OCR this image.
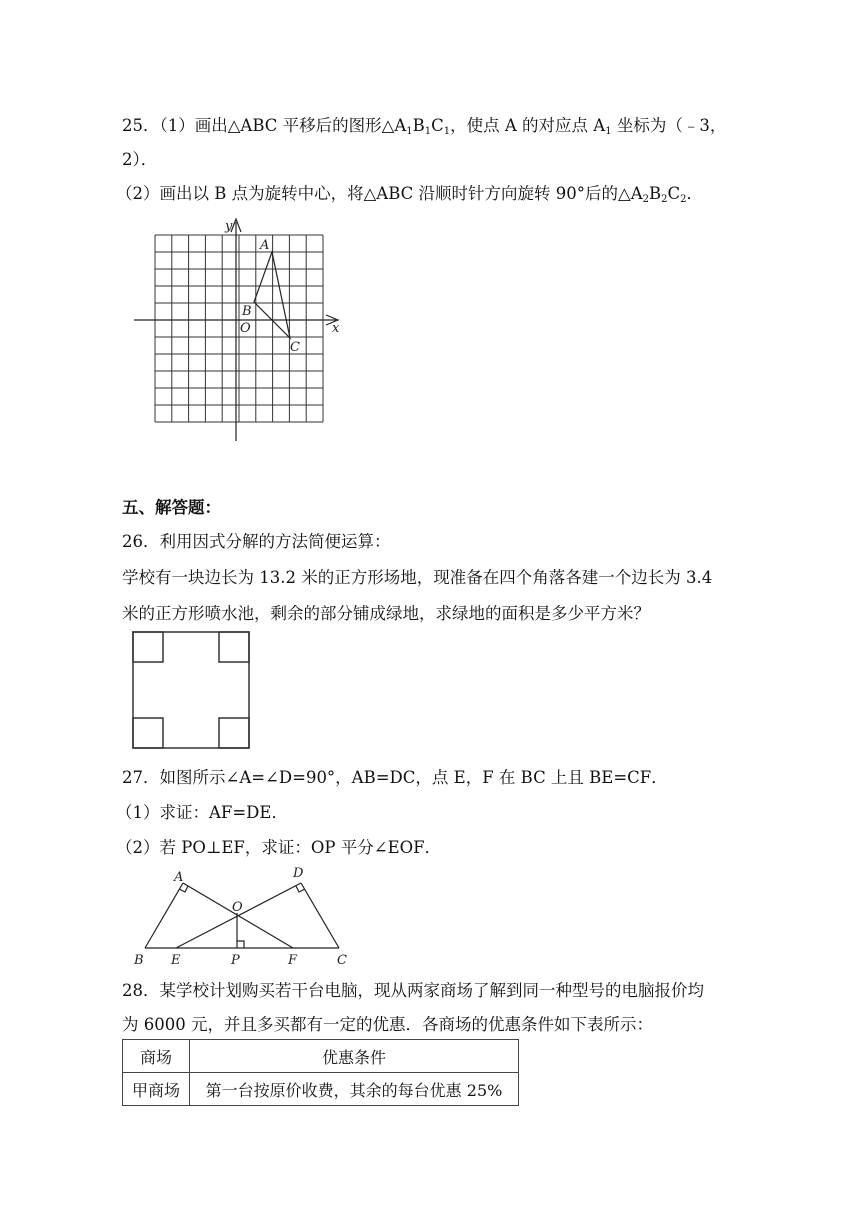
25．（1）画出△ABC 平移后的图形$\triangle A_1B_1C_1$，使点 A 的对应点 $A_1$ 坐标为（﹣3，
2）．
（2）画出以 B 点为旋转中心，将△ABC 沿顺时针方向旋转 90°后的$\triangle A_2B_2C_2$．
y
x
A
B
O
C
五、解答题：
26．利用因式分解的方法简便运算：
学校有一块边长为 13.2 米的正方形场地，现准备在四个角落各建一个边长为 3.4
米的正方形喷水池，剩余的部分铺成绿地，求绿地的面积是多少平方米？
27．如图所示∠A=∠D=90°，AB=DC，点 E，F 在 BC 上且 BE=CF．
（1）求证：AF=DE．
（2）若 PO⊥EF，求证：OP 平分∠EOF．
A	D
O
B E	P	F	C
28．某学校计划购买若干台电脑，现从两家商场了解到同一种型号的电脑报价均
为 6000 元，并且多买都有一定的优惠．各商场的优惠条件如下表所示：
商场	优惠条件
甲商场	第一台按原价收费，其余的每台优惠 25%
